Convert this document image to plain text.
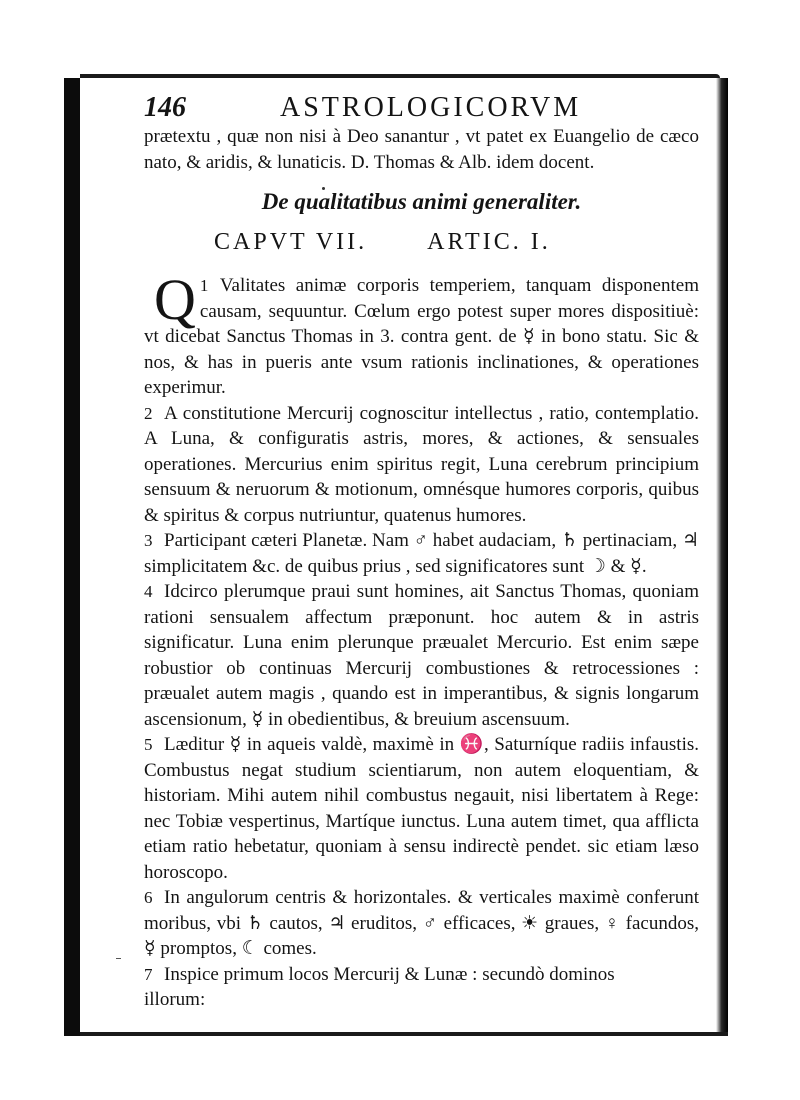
146	ASTROLOGICORVM

prætextu , quæ non nisi à Deo sanantur , vt patet ex Euangelio de cæco nato, & aridis, & lunaticis. D. Thomas & Alb. idem docent.

De qualitatibus animi generaliter.
CAPVT VII.	ARTIC. I.

1
Q Valitates animæ corporis temperiem, tanquam disponentem causam, sequuntur. Cœlum ergo potest super mores dispositiuè: vt dicebat Sanctus Thomas in 3. contra gent. de ☿ in bono statu. Sic & nos, & has in pueris ante vsum rationis inclinationes, & operationes experimur.

2 A constitutione Mercurij cognoscitur intellectus , ratio, contemplatio. A Luna, & configuratis astris, mores, & actiones, & sensuales operationes. Mercurius enim spiritus regit, Luna cerebrum principium sensuum & neruorum & motionum, omnésque humores corporis, quibus & spiritus & corpus nutriuntur, quatenus humores.

3 Participant cæteri Planetæ. Nam ♂ habet audaciam, ♄ pertinaciam, ♃ simplicitatem &c. de quibus prius , sed significatores sunt ☽ & ☿.

4 Idcirco plerumque praui sunt homines, ait Sanctus Thomas, quoniam rationi sensualem affectum præponunt. hoc autem & in astris significatur. Luna enim plerunque præualet Mercurio. Est enim sæpe robustior ob continuas Mercurij combustiones & retrocessiones : præualet autem magis , quando est in imperantibus, & signis longarum ascensionum, ☿ in obedientibus, & breuium ascensuum.

5 Læditur ☿ in aqueis valdè, maximè in ♓, Saturníque radiis infaustis. Combustus negat studium scientiarum, non autem eloquentiam, & historiam. Mihi autem nihil combustus negauit, nisi libertatem à Rege: nec Tobiæ vespertinus, Martíque iunctus. Luna autem timet, qua afflicta etiam ratio hebetatur, quoniam à sensu indirectè pendet. sic etiam læso horoscopo.

6 In angulorum centris & horizontales. & verticales maximè conferunt moribus, vbi ♄ cautos, ♃ eruditos, ♂ efficaces, ☀ graues, ♀ facundos, ☿ promptos, ☾ comes.

7 Inspice primum locos Mercurij & Lunæ : secundò dominos

illorum:
